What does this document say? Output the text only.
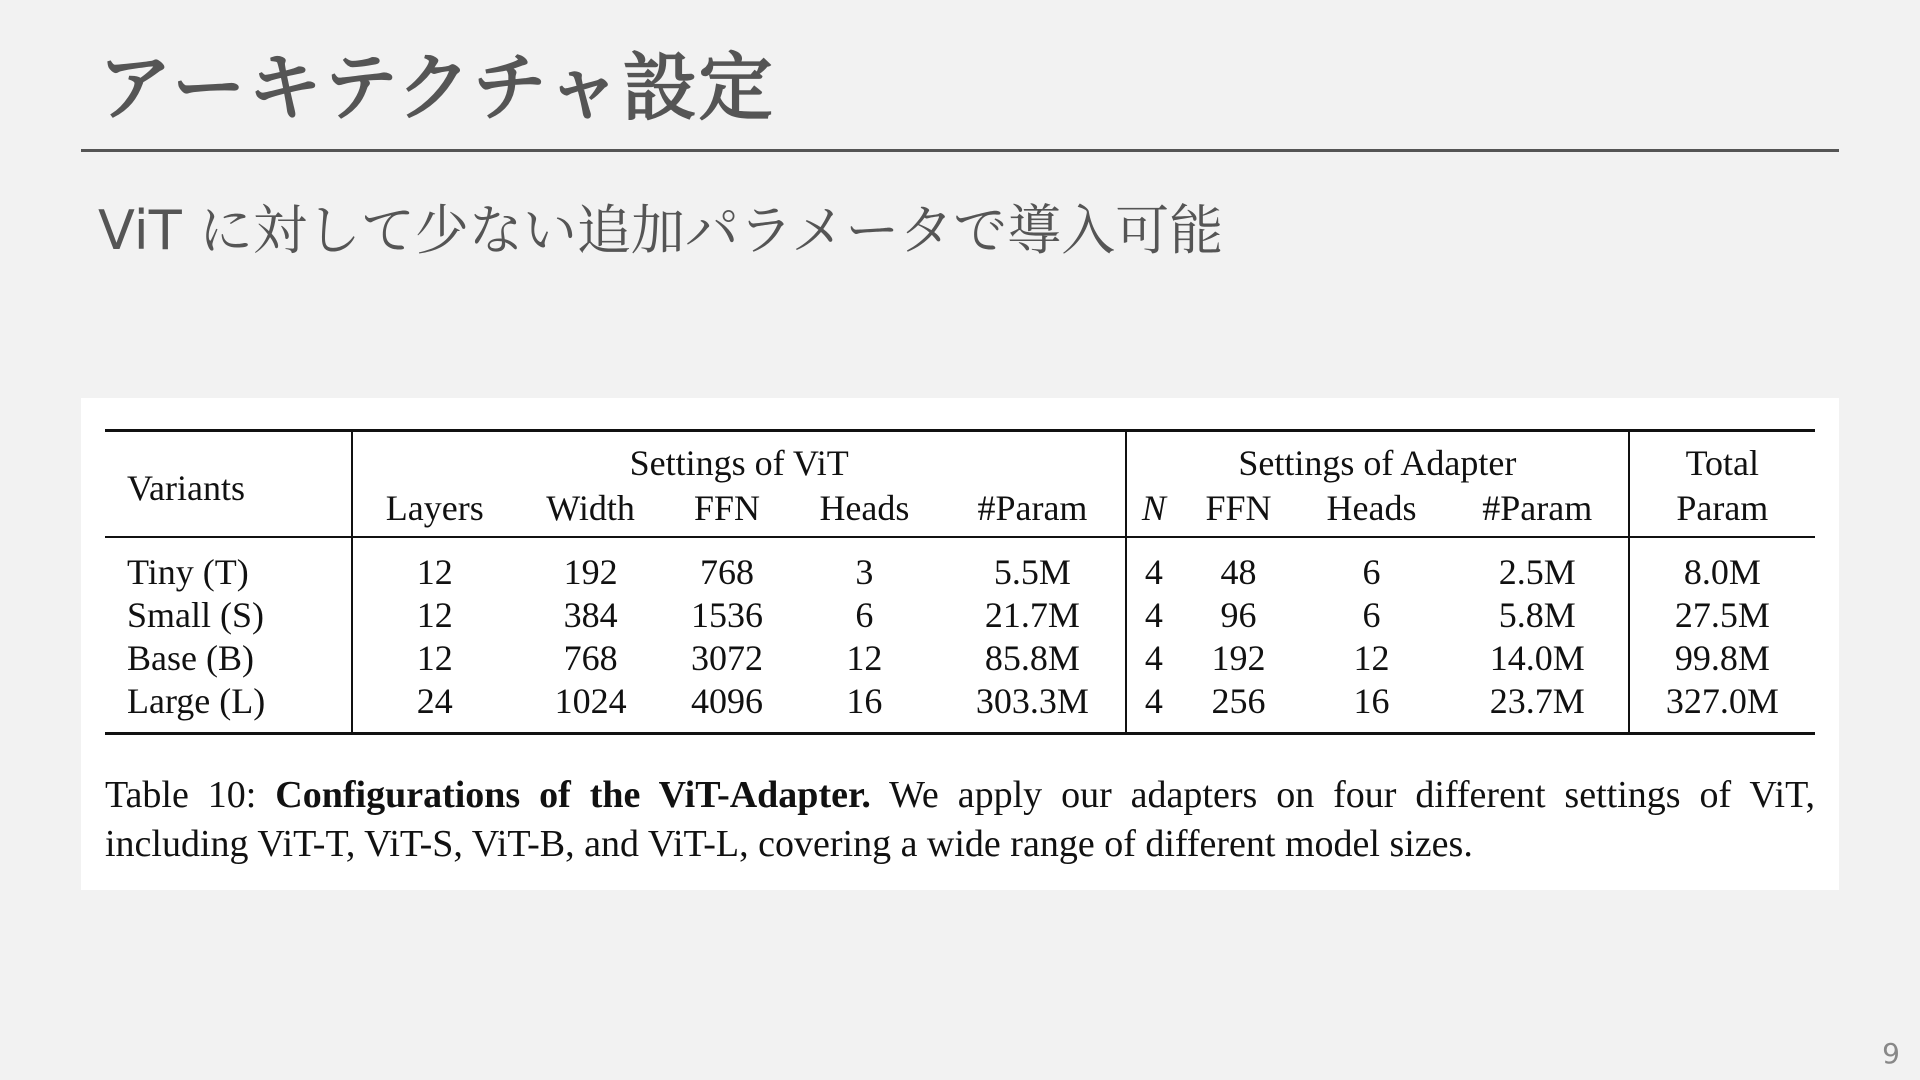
アーキテクチャ設定

ViT に対して少ない追加パラメータで導入可能

Variants	Settings of ViT					Settings of Adapter				Total
	Layers	Width	FFN	Heads	#Param	N	FFN	Heads	#Param	Param
Tiny (T)	12	192	768	3	5.5M	4	48	6	2.5M	8.0M
Small (S)	12	384	1536	6	21.7M	4	96	6	5.8M	27.5M
Base (B)	12	768	3072	12	85.8M	4	192	12	14.0M	99.8M
Large (L)	24	1024	4096	16	303.3M	4	256	16	23.7M	327.0M

Table 10: Configurations of the ViT-Adapter. We apply our adapters on four different settings of ViT, including ViT-T, ViT-S, ViT-B, and ViT-L, covering a wide range of different model sizes.

9
